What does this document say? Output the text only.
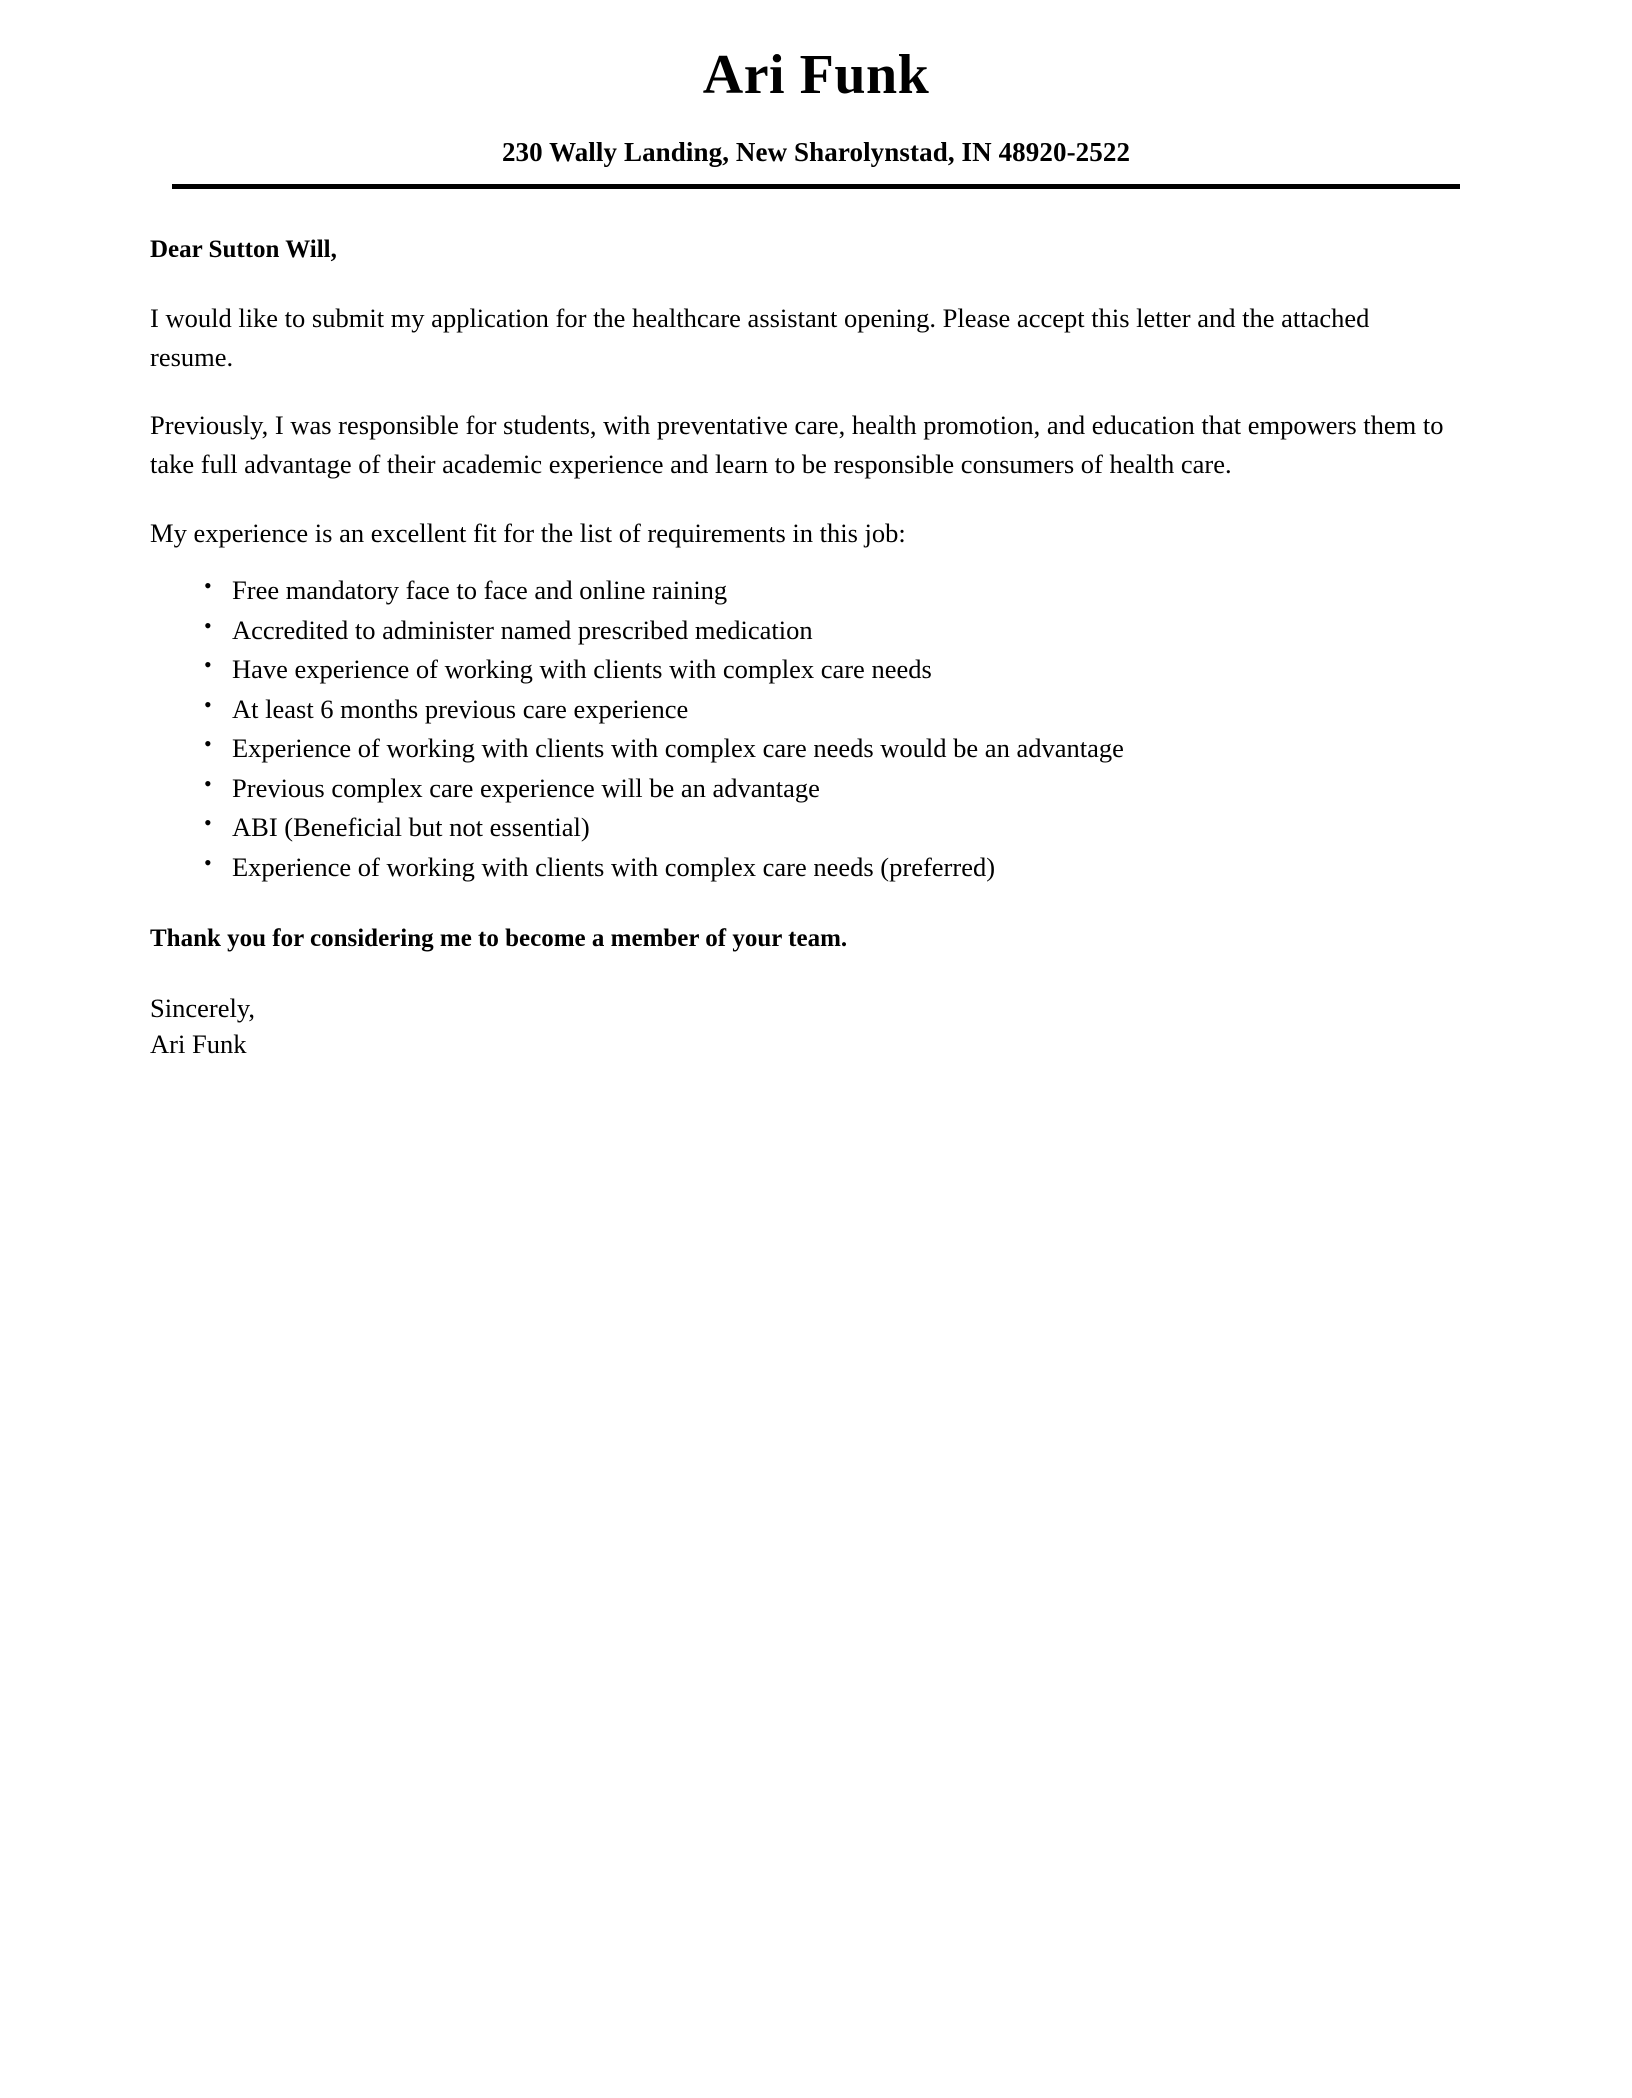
Ari Funk

230 Wally Landing, New Sharolynstad, IN 48920-2522

Dear Sutton Will,

I would like to submit my application for the healthcare assistant opening. Please accept this letter and the attached resume.

Previously, I was responsible for students, with preventative care, health promotion, and education that empowers them to take full advantage of their academic experience and learn to be responsible consumers of health care.

My experience is an excellent fit for the list of requirements in this job:

• Free mandatory face to face and online raining
• Accredited to administer named prescribed medication
• Have experience of working with clients with complex care needs
• At least 6 months previous care experience
• Experience of working with clients with complex care needs would be an advantage
• Previous complex care experience will be an advantage
• ABI (Beneficial but not essential)
• Experience of working with clients with complex care needs (preferred)

Thank you for considering me to become a member of your team.

Sincerely,

Ari Funk
